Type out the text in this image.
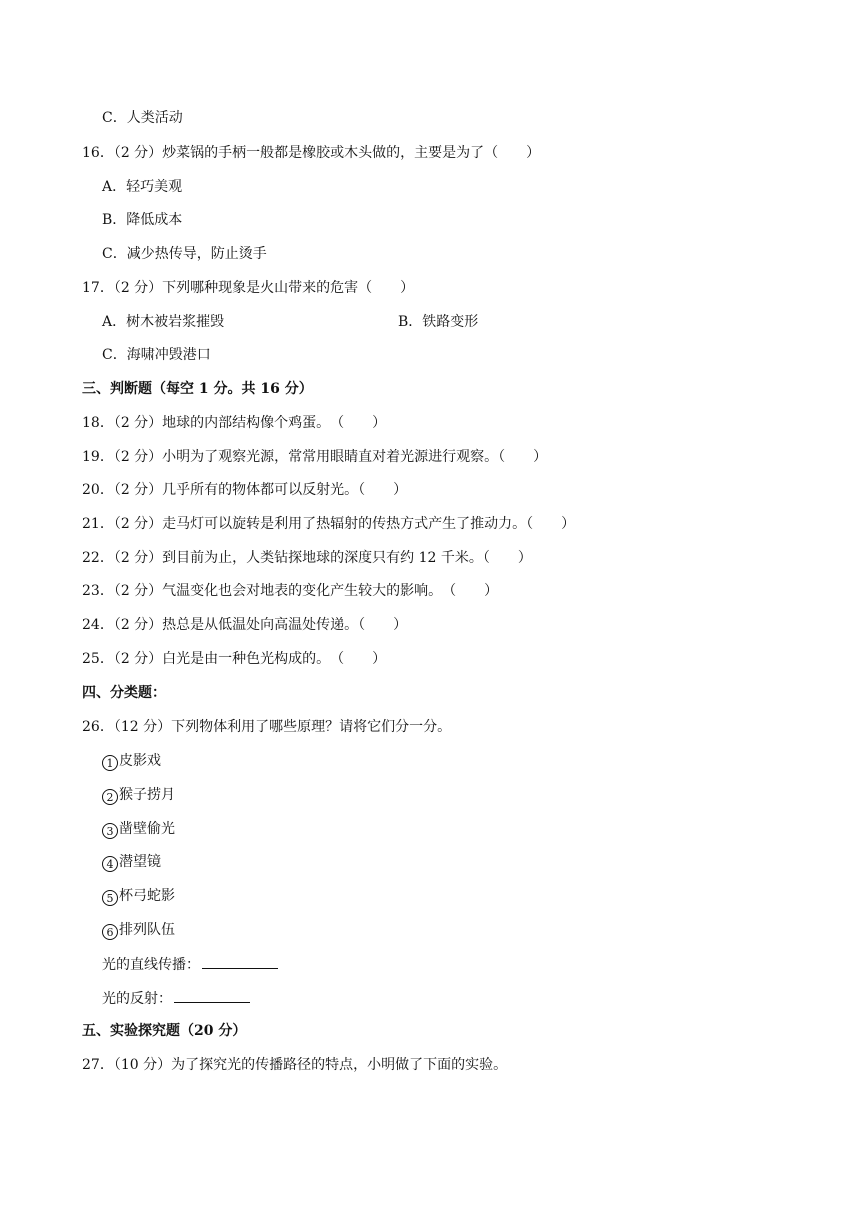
C．人类活动
16．（2 分）炒菜锅的手柄一般都是橡胶或木头做的，主要是为了（　　）
A．轻巧美观
B．降低成本
C．减少热传导，防止烫手
17．（2 分）下列哪种现象是火山带来的危害（　　）
A．树木被岩浆摧毁	B．铁路变形
C．海啸冲毁港口
三、判断题（每空 1 分。共 16 分）
18．（2 分）地球的内部结构像个鸡蛋。　（　　）
19．（2 分）小明为了观察光源，常常用眼睛直对着光源进行观察。（　　）
20．（2 分）几乎所有的物体都可以反射光。（　　）
21．（2 分）走马灯可以旋转是利用了热辐射的传热方式产生了推动力。（　　）
22．（2 分）到目前为止，人类钻探地球的深度只有约 12 千米。（　　）
23．（2 分）气温变化也会对地表的变化产生较大的影响。　（　　）
24．（2 分）热总是从低温处向高温处传递。（　　）
25．（2 分）白光是由一种色光构成的。　（　　）
四、分类题：
26．（12 分）下列物体利用了哪些原理？请将它们分一分。
1 皮影戏
2 猴子捞月
3 凿壁偷光
4 潜望镜
5 杯弓蛇影
6 排列队伍
光的直线传播：
光的反射：
五、实验探究题（20 分）
27．（10 分）为了探究光的传播路径的特点，小明做了下面的实验。
